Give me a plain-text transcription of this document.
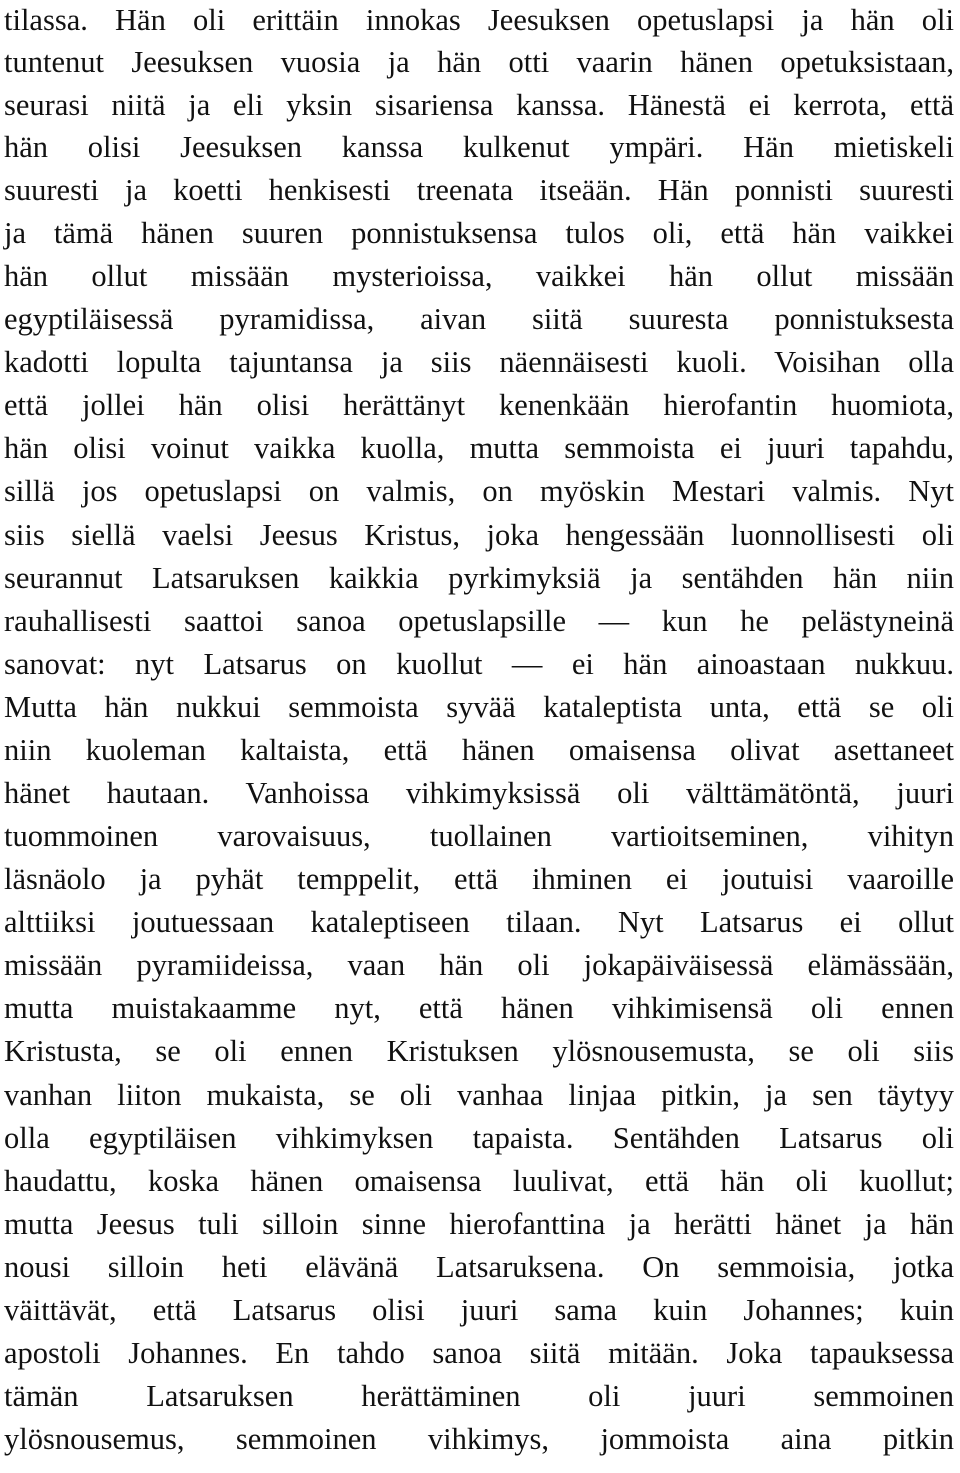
tilassa. Hän oli erittäin innokas Jeesuksen opetuslapsi ja hän oli
tuntenut Jeesuksen vuosia ja hän otti vaarin hänen opetuksistaan,
seurasi niitä ja eli yksin sisariensa kanssa. Hänestä ei kerrota, että
hän olisi Jeesuksen kanssa kulkenut ympäri. Hän mietiskeli
suuresti ja koetti henkisesti treenata itseään. Hän ponnisti suuresti
ja tämä hänen suuren ponnistuksensa tulos oli, että hän vaikkei
hän ollut missään mysterioissa, vaikkei hän ollut missään
egyptiläisessä pyramidissa, aivan siitä suuresta ponnistuksesta
kadotti lopulta tajuntansa ja siis näennäisesti kuoli. Voisihan olla
että jollei hän olisi herättänyt kenenkään hierofantin huomiota,
hän olisi voinut vaikka kuolla, mutta semmoista ei juuri tapahdu,
sillä jos opetuslapsi on valmis, on myöskin Mestari valmis. Nyt
siis siellä vaelsi Jeesus Kristus, joka hengessään luonnollisesti oli
seurannut Latsaruksen kaikkia pyrkimyksiä ja sentähden hän niin
rauhallisesti saattoi sanoa opetuslapsille — kun he pelästyneinä
sanovat: nyt Latsarus on kuollut — ei hän ainoastaan nukkuu.
Mutta hän nukkui semmoista syvää kataleptista unta, että se oli
niin kuoleman kaltaista, että hänen omaisensa olivat asettaneet
hänet hautaan. Vanhoissa vihkimyksissä oli välttämätöntä, juuri
tuommoinen varovaisuus, tuollainen vartioitseminen, vihityn
läsnäolo ja pyhät temppelit, että ihminen ei joutuisi vaaroille
alttiiksi joutuessaan kataleptiseen tilaan. Nyt Latsarus ei ollut
missään pyramiideissa, vaan hän oli jokapäiväisessä elämässään,
mutta muistakaamme nyt, että hänen vihkimisensä oli ennen
Kristusta, se oli ennen Kristuksen ylösnousemusta, se oli siis
vanhan liiton mukaista, se oli vanhaa linjaa pitkin, ja sen täytyy
olla egyptiläisen vihkimyksen tapaista. Sentähden Latsarus oli
haudattu, koska hänen omaisensa luulivat, että hän oli kuollut;
mutta Jeesus tuli silloin sinne hierofanttina ja herätti hänet ja hän
nousi silloin heti elävänä Latsaruksena. On semmoisia, jotka
väittävät, että Latsarus olisi juuri sama kuin Johannes; kuin
apostoli Johannes. En tahdo sanoa siitä mitään. Joka tapauksessa
tämän Latsaruksen herättäminen oli juuri semmoinen
ylösnousemus, semmoinen vihkimys, jommoista aina pitkin
